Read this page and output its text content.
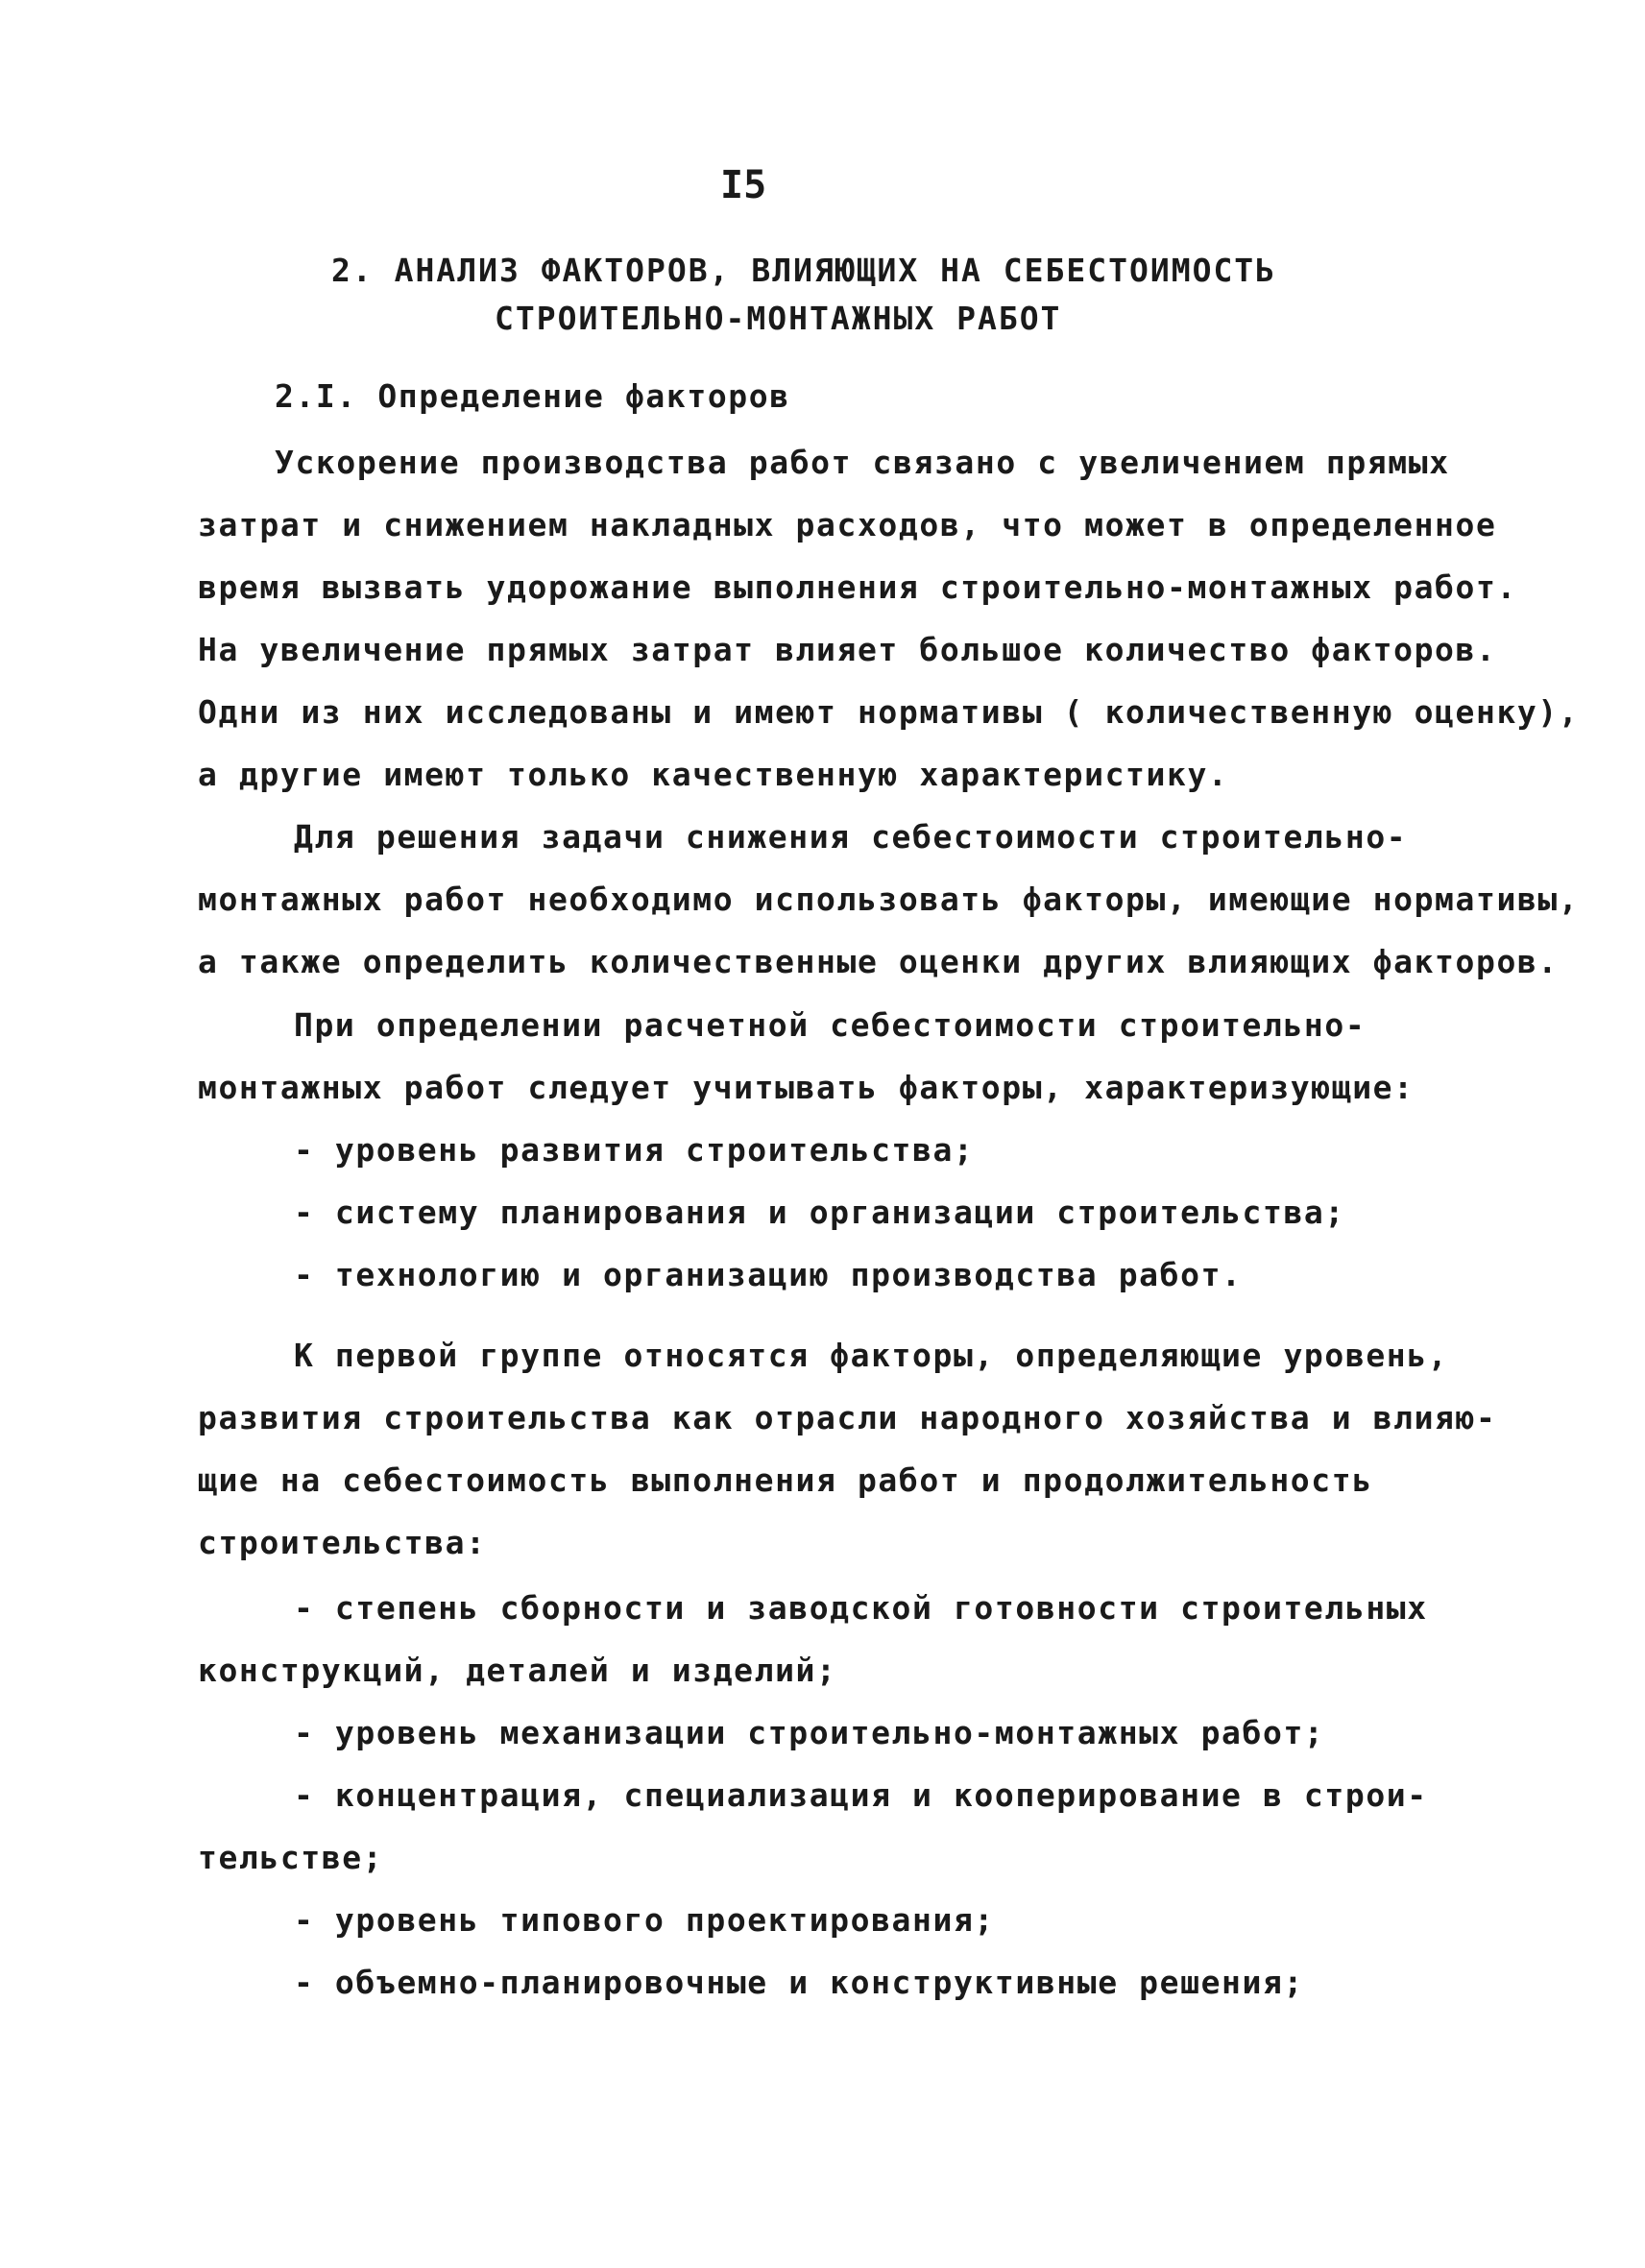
I5
2. АНАЛИЗ ФАКТОРОВ, ВЛИЯЮЩИХ НА СЕБЕСТОИМОСТЬ
СТРОИТЕЛЬНО-МОНТАЖНЫХ РАБОТ
2.I. Определение факторов
Ускорение производства работ связано с увеличением прямых
затрат и снижением накладных расходов, что может в определенное
время вызвать удорожание выполнения строительно-монтажных работ.
На увеличение прямых затрат влияет большое количество факторов.
Одни из них исследованы и имеют нормативы ( количественную оценку),
а другие имеют только качественную характеристику.
Для решения задачи снижения себестоимости строительно-
монтажных работ необходимо использовать факторы, имеющие нормативы,
а также определить количественные оценки других влияющих факторов.
При определении расчетной себестоимости строительно-
монтажных работ следует учитывать факторы, характеризующие:
- уровень развития строительства;
- систему планирования и организации строительства;
- технологию и организацию производства работ.
К первой группе относятся факторы, определяющие уровень,
развития строительства как отрасли народного хозяйства и влияю-
щие на себестоимость выполнения работ и продолжительность
строительства:
- степень сборности и заводской готовности строительных
конструкций, деталей и изделий;
- уровень механизации строительно-монтажных работ;
- концентрация, специализация и кооперирование в строи-
тельстве;
- уровень типового проектирования;
- объемно-планировочные и конструктивные решения;
